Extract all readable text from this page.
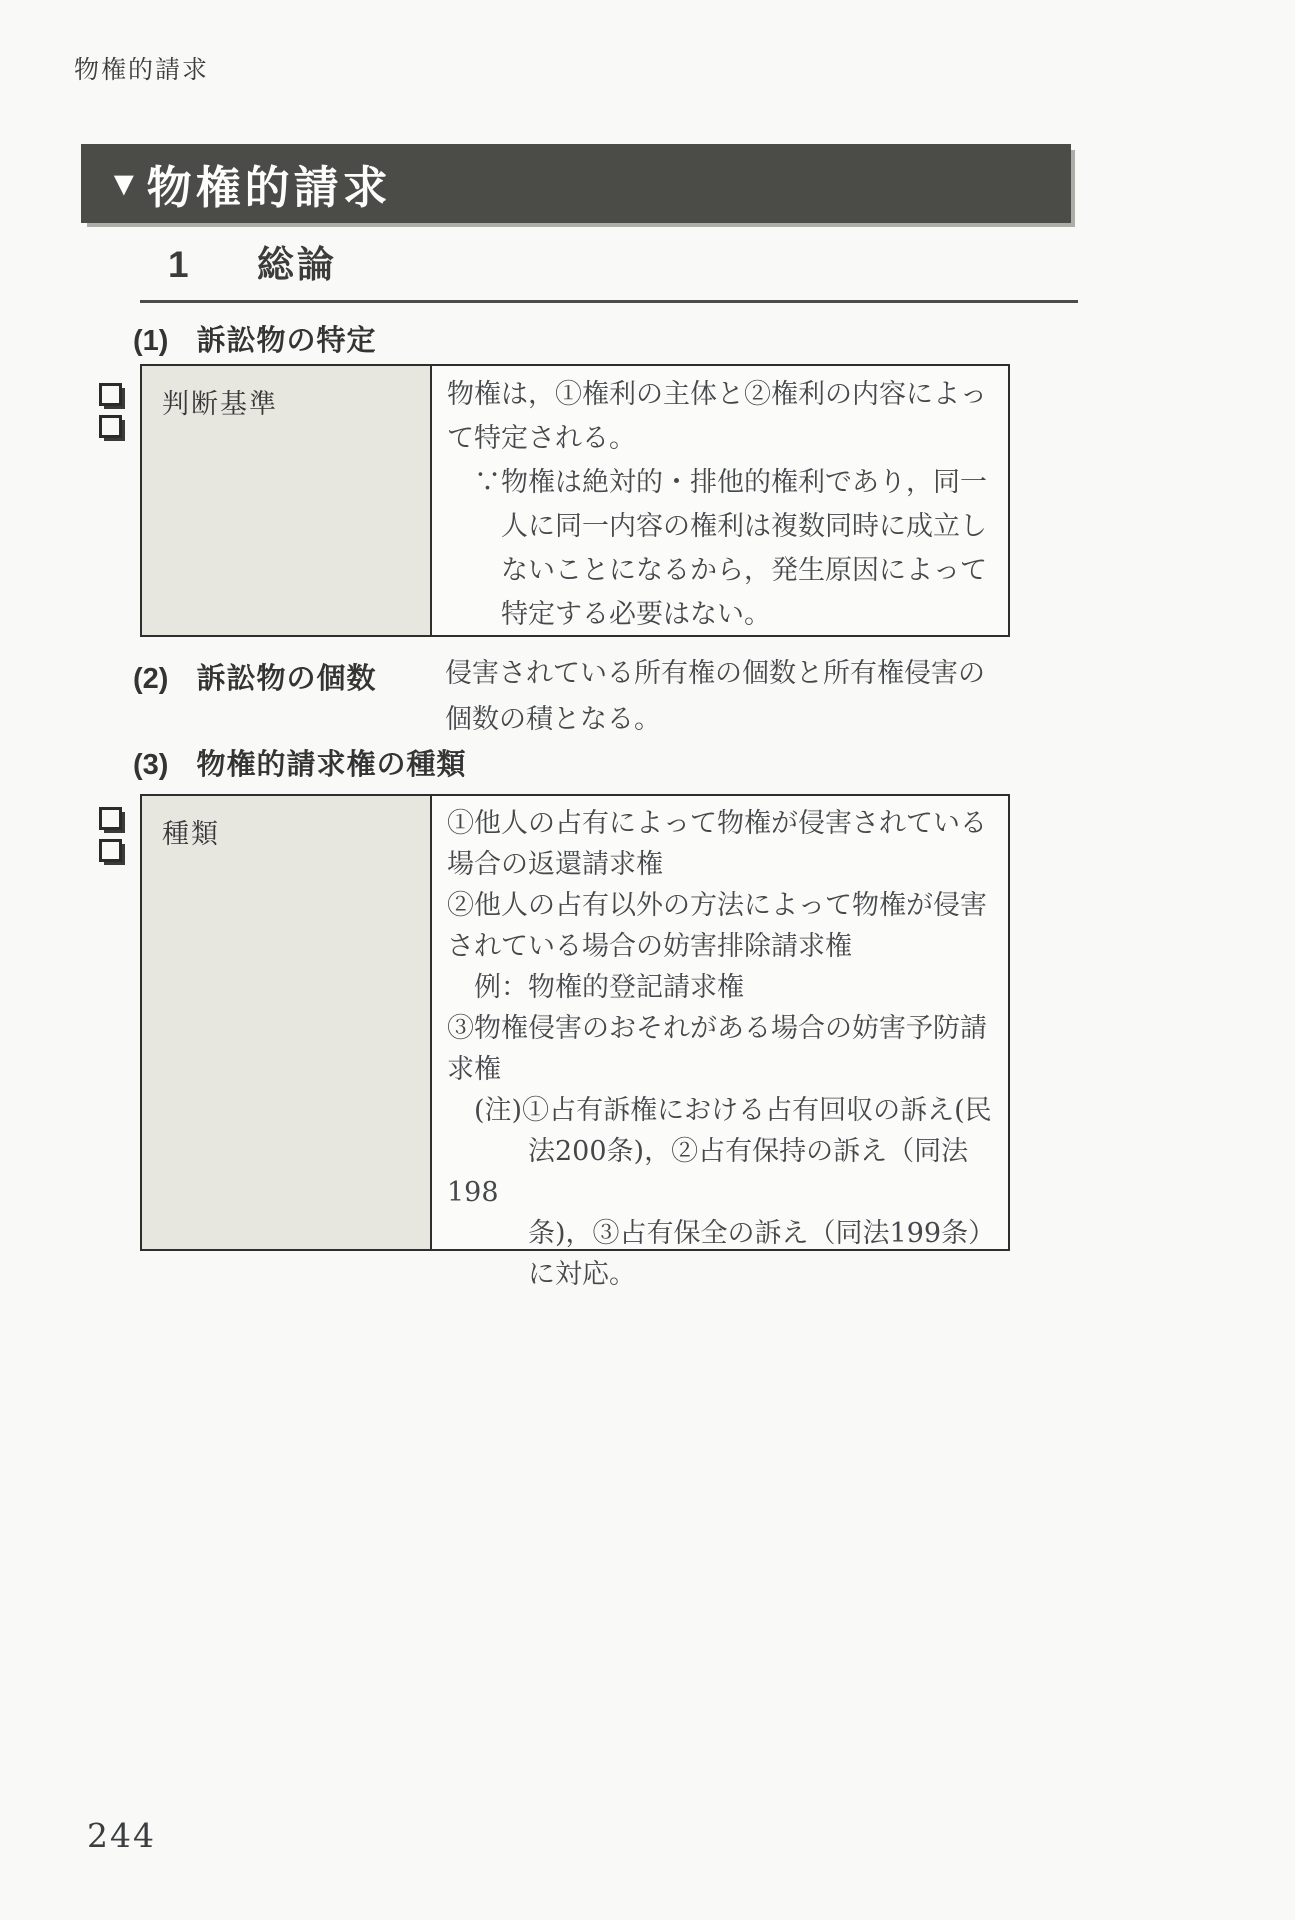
物権的請求
▼ 物権的請求
1 総論
(1) 訴訟物の特定
判断基準	物権は，①権利の主体と②権利の内容によっ
て特定される。
　∵物権は絶対的・排他的権利であり，同一
　　人に同一内容の権利は複数同時に成立し
　　ないことになるから，発生原因によって
　　特定する必要はない。
(2) 訴訟物の個数	侵害されている所有権の個数と所有権侵害の
個数の積となる。
(3) 物権的請求権の種類
種類	①他人の占有によって物権が侵害されている
場合の返還請求権
②他人の占有以外の方法によって物権が侵害
されている場合の妨害排除請求権
　例：物権的登記請求権
③物権侵害のおそれがある場合の妨害予防請
求権
　(注)①占有訴権における占有回収の訴え(民
　　　法200条)，②占有保持の訴え（同法198
　　　条)，③占有保全の訴え（同法199条）
　　　に対応。
244
